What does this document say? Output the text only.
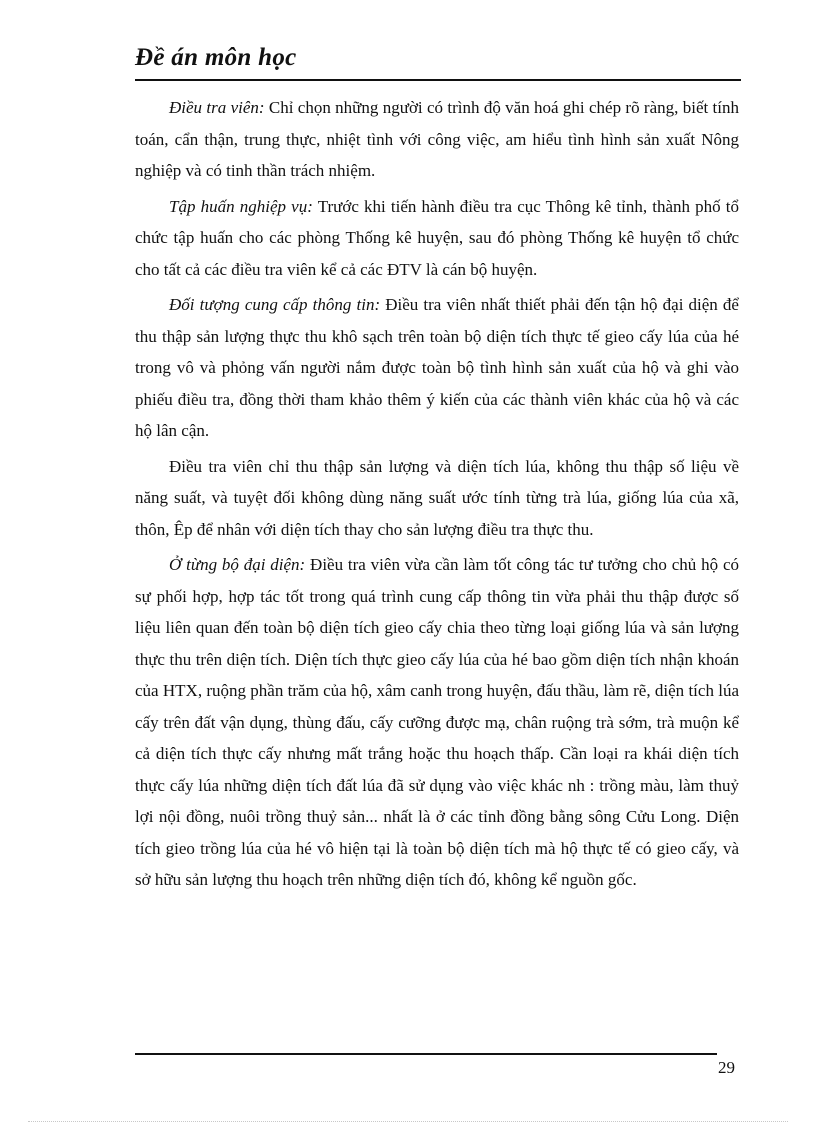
Đề án môn học

Điều tra viên: Chỉ chọn những người có trình độ văn hoá ghi chép rõ ràng, biết tính toán, cẩn thận, trung thực, nhiệt tình với công việc, am hiểu tình hình sản xuất Nông nghiệp và có tinh thần trách nhiệm.

Tập huấn nghiệp vụ: Trước khi tiến hành điều tra cục Thông kê tỉnh, thành phố tổ chức tập huấn cho các phòng Thống kê huyện, sau đó phòng Thống kê huyện tổ chức cho tất cả các điều tra viên kể cả các ĐTV là cán bộ huyện.

Đối tượng cung cấp thông tin: Điều tra viên nhất thiết phải đến tận hộ đại diện để thu thập sản lượng thực thu khô sạch trên toàn bộ diện tích thực tế gieo cấy lúa của hé trong vô và phỏng vấn người nắm được toàn bộ tình hình sản xuất của hộ và ghi vào phiếu điều tra, đồng thời tham khảo thêm ý kiến của các thành viên khác của hộ và các hộ lân cận.

Điều tra viên chỉ thu thập sản lượng và diện tích lúa, không thu thập số liệu về năng suất, và tuyệt đối không dùng năng suất ước tính từng trà lúa, giống lúa của xã, thôn, Êp để nhân với diện tích thay cho sản lượng điều tra thực thu.

Ở từng bộ đại diện: Điều tra viên vừa cần làm tốt công tác tư tưởng cho chủ hộ có sự phối hợp, hợp tác tốt trong quá trình cung cấp thông tin vừa phải thu thập được số liệu liên quan đến toàn bộ diện tích gieo cấy chia theo từng loại giống lúa và sản lượng thực thu trên diện tích. Diện tích thực gieo cấy lúa của hé bao gồm diện tích nhận khoán của HTX, ruộng phần trăm của hộ, xâm canh trong huyện, đấu thầu, làm rẽ, diện tích lúa cấy trên đất vận dụng, thùng đấu, cấy cưỡng được mạ, chân ruộng trà sớm, trà muộn kể cả diện tích thực cấy nhưng mất trắng hoặc thu hoạch thấp. Cần loại ra khái diện tích thực cấy lúa những diện tích đất lúa đã sử dụng vào việc khác nh : trồng màu, làm thuỷ lợi nội đồng, nuôi trồng thuỷ sản... nhất là ở các tỉnh đồng bằng sông Cửu Long. Diện tích gieo trồng lúa của hé vô hiện tại là toàn bộ diện tích mà hộ thực tế có gieo cấy, và sở hữu sản lượng thu hoạch trên những diện tích đó, không kể nguồn gốc.

29
